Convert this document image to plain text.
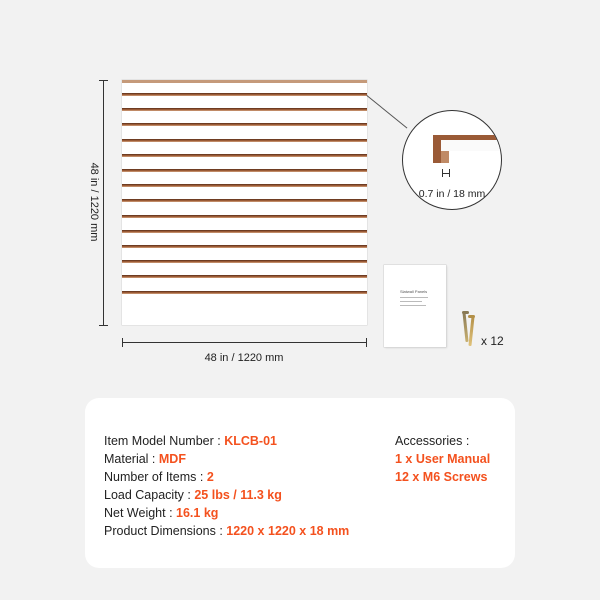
48 in / 1220 mm
48 in / 1220 mm
0.7 in / 18 mm
Slatwall Panels
x 12
Item Model Number : KLCB-01
Material : MDF
Number of Items : 2
Load Capacity : 25 lbs / 11.3 kg
Net Weight : 16.1 kg
Product Dimensions : 1220 x 1220 x 18 mm
Accessories :
1 x User Manual
12 x M6 Screws
